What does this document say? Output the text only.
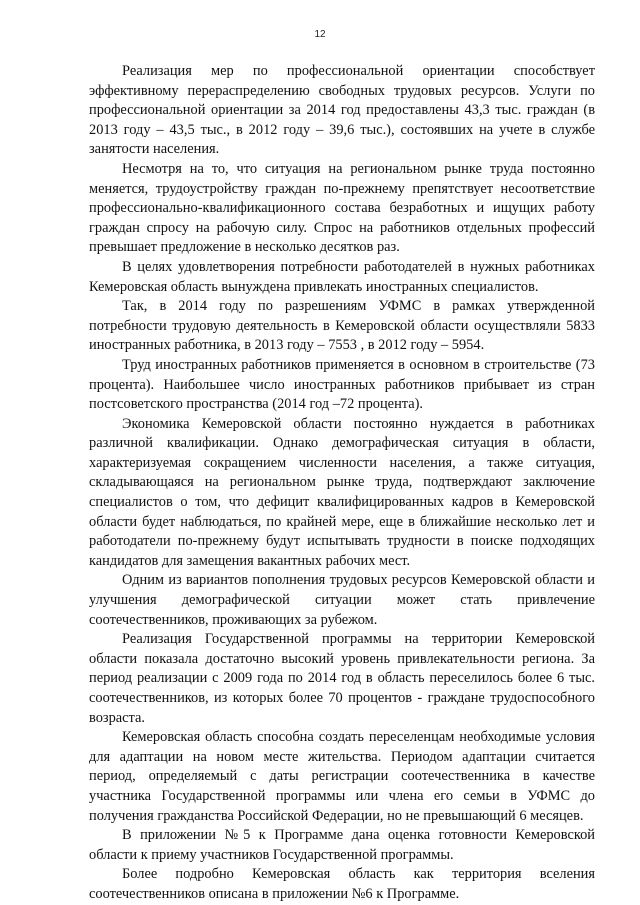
12

Реализация мер по профессиональной ориентации способствует эффективному перераспределению свободных трудовых ресурсов. Услуги по профессиональной ориентации за 2014 год предоставлены 43,3 тыс. граждан (в 2013 году – 43,5 тыс., в 2012 году – 39,6 тыс.), состоявших на учете в службе занятости населения.

Несмотря на то, что ситуация на региональном рынке труда постоянно меняется, трудоустройству граждан по-прежнему препятствует несоответствие профессионально-квалификационного состава безработных и ищущих работу граждан спросу на рабочую силу. Спрос на работников отдельных профессий превышает предложение в несколько десятков раз.

В целях удовлетворения потребности работодателей в нужных работниках Кемеровская область вынуждена привлекать иностранных специалистов.

Так, в 2014 году по разрешениям УФМС в рамках утвержденной потребности трудовую деятельность в Кемеровской области осуществляли 5833 иностранных работника, в 2013 году – 7553 , в 2012 году – 5954.

Труд иностранных работников применяется в основном в строительстве (73 процента). Наибольшее число иностранных работников прибывает из стран постсоветского пространства (2014 год –72 процента).

Экономика Кемеровской области постоянно нуждается в работниках различной квалификации. Однако демографическая ситуация в области, характеризуемая сокращением численности населения, а также ситуация, складывающаяся на региональном рынке труда, подтверждают заключение специалистов о том, что дефицит квалифицированных кадров в Кемеровской области будет наблюдаться, по крайней мере, еще в ближайшие несколько лет и работодатели по-прежнему будут испытывать трудности в поиске подходящих кандидатов для замещения вакантных рабочих мест.

Одним из вариантов пополнения трудовых ресурсов Кемеровской области и улучшения демографической ситуации может стать привлечение соотечественников, проживающих за рубежом.

Реализация Государственной программы на территории Кемеровской области показала достаточно высокий уровень привлекательности региона. За период реализации с 2009 года по 2014 год в область переселилось более 6 тыс. соотечественников, из которых более 70 процентов - граждане трудоспособного возраста.

Кемеровская область способна создать переселенцам необходимые условия для адаптации на новом месте жительства. Периодом адаптации считается период, определяемый с даты регистрации соотечественника в качестве участника Государственной программы или члена его семьи в УФМС до получения гражданства Российской Федерации, но не превышающий 6 месяцев.

В приложении №5 к Программе дана оценка готовности Кемеровской области к приему участников Государственной программы.

Более подробно Кемеровская область как территория вселения соотечественников описана в приложении №6 к Программе.
